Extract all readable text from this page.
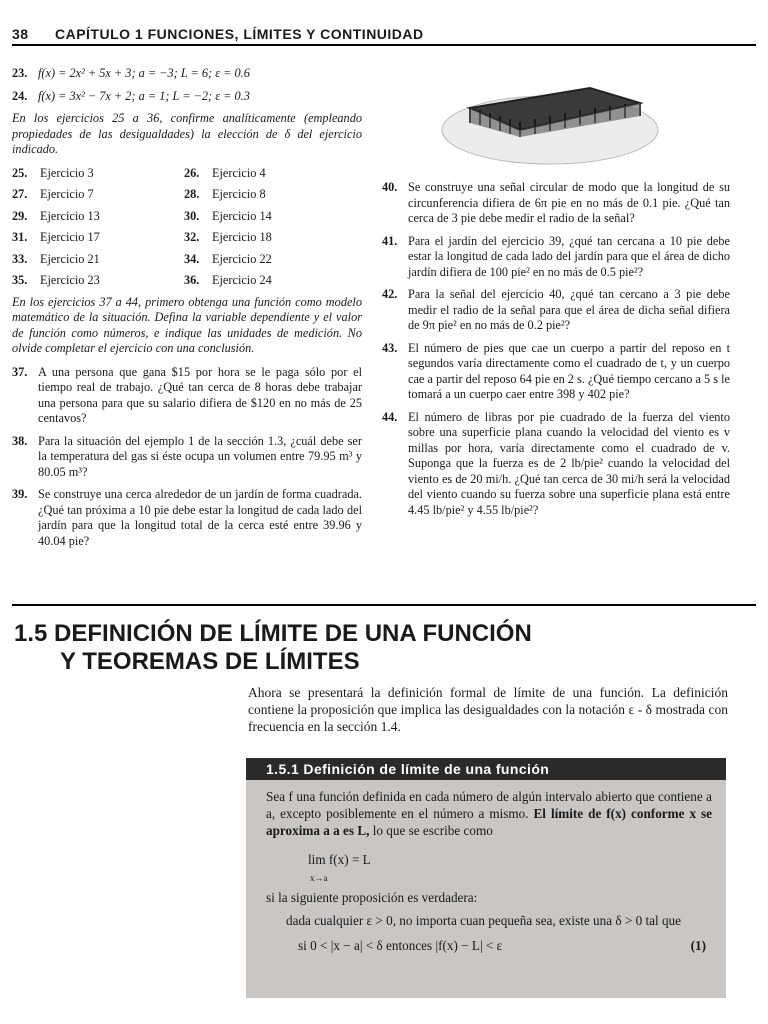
38 CAPÍTULO 1 FUNCIONES, LÍMITES Y CONTINUIDAD
23. f(x) = 2x² + 5x + 3; a = −3; L = 6; ε = 0.6
24. f(x) = 3x² − 7x + 2; a = 1; L = −2; ε = 0.3
En los ejercicios 25 a 36, confirme analíticamente (empleando propiedades de las desigualdades) la elección de δ del ejercicio indicado.
25.	Ejercicio 3	26.	Ejercicio 4
27.	Ejercicio 7	28.	Ejercicio 8
29.	Ejercicio 13	30.	Ejercicio 14
31.	Ejercicio 17	32.	Ejercicio 18
33.	Ejercicio 21	34.	Ejercicio 22
35.	Ejercicio 23	36.	Ejercicio 24
En los ejercicios 37 a 44, primero obtenga una función como modelo matemático de la situación. Defina la variable dependiente y el valor de función como números, e indique las unidades de medición. No olvide completar el ejercicio con una conclusión.
37. A una persona que gana $15 por hora se le paga sólo por el tiempo real de trabajo. ¿Qué tan cerca de 8 horas debe trabajar una persona para que su salario difiera de $120 en no más de 25 centavos?
38. Para la situación del ejemplo 1 de la sección 1.3, ¿cuál debe ser la temperatura del gas si éste ocupa un volumen entre 79.95 m³ y 80.05 m³?
39. Se construye una cerca alrededor de un jardín de forma cuadrada. ¿Qué tan próxima a 10 pie debe estar la longitud de cada lado del jardín para que la longitud total de la cerca esté entre 39.96 y 40.04 pie?
40. Se construye una señal circular de modo que la longitud de su circunferencia difiera de 6π pie en no más de 0.1 pie. ¿Qué tan cerca de 3 pie debe medir el radio de la señal?
41. Para el jardín del ejercicio 39, ¿qué tan cercana a 10 pie debe estar la longitud de cada lado del jardín para que el área de dicho jardín difiera de 100 pie² en no más de 0.5 pie²?
42. Para la señal del ejercicio 40, ¿qué tan cercano a 3 pie debe medir el radio de la señal para que el área de dicha señal difiera de 9π pie² en no más de 0.2 pie²?
43. El número de pies que cae un cuerpo a partir del reposo en t segundos varía directamente como el cuadrado de t, y un cuerpo cae a partir del reposo 64 pie en 2 s. ¿Qué tiempo cercano a 5 s le tomará a un cuerpo caer entre 398 y 402 pie?
44. El número de libras por pie cuadrado de la fuerza del viento sobre una superficie plana cuando la velocidad del viento es v millas por hora, varía directamente como el cuadrado de v. Suponga que la fuerza es de 2 lb/pie² cuando la velocidad del viento es de 20 mi/h. ¿Qué tan cerca de 30 mi/h será la velocidad del viento cuando su fuerza sobre una superficie plana está entre 4.45 lb/pie² y 4.55 lb/pie²?
1.5 DEFINICIÓN DE LÍMITE DE UNA FUNCIÓN
Y TEOREMAS DE LÍMITES
Ahora se presentará la definición formal de límite de una función. La definición contiene la proposición que implica las desigualdades con la notación ε - δ mostrada con frecuencia en la sección 1.4.
1.5.1 Definición de límite de una función
Sea f una función definida en cada número de algún intervalo abierto que contiene a a, excepto posiblemente en el número a mismo. El límite de f(x) conforme x se aproxima a a es L, lo que se escribe como
lim f(x) = L
x→a
si la siguiente proposición es verdadera:
dada cualquier ε > 0, no importa cuan pequeña sea, existe una δ > 0 tal que
si 0 < |x − a| < δ entonces |f(x) − L| < ε	(1)
